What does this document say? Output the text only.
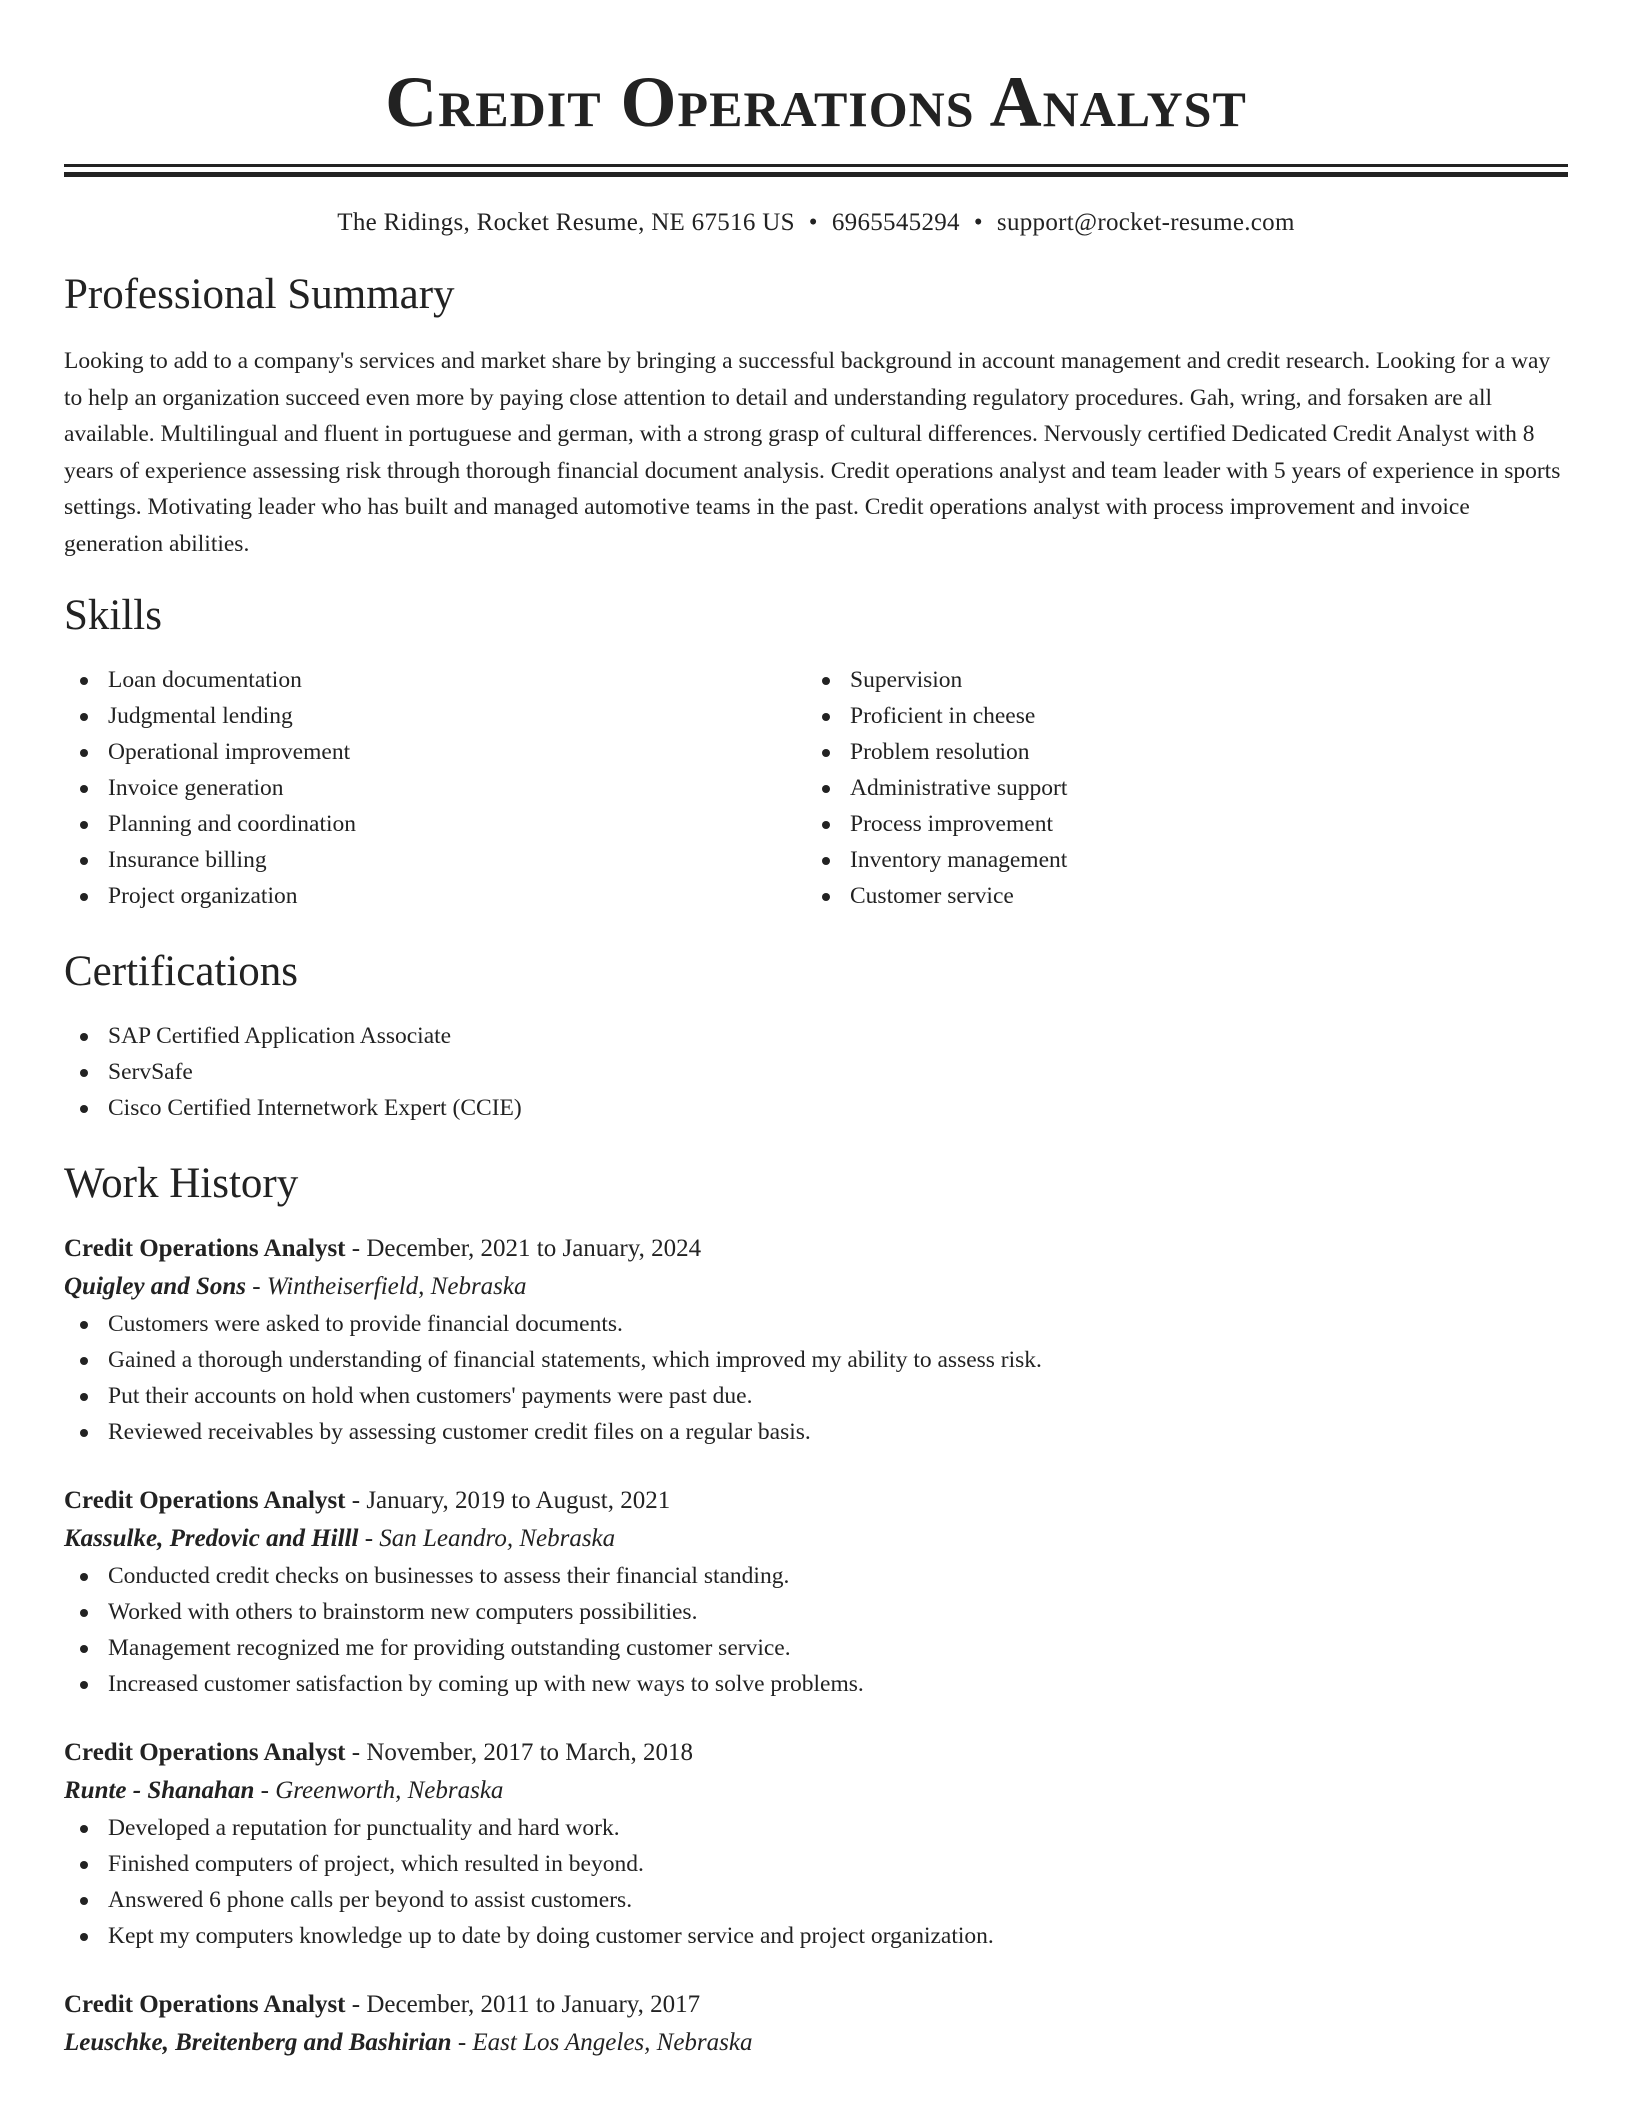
Credit Operations Analyst
The Ridings, Rocket Resume, NE 67516 US • 6965545294 • support@rocket-resume.com
Professional Summary

Looking to add to a company's services and market share by bringing a successful background in account management and credit research. Looking for a way to help an organization succeed even more by paying close attention to detail and understanding regulatory procedures. Gah, wring, and forsaken are all available. Multilingual and fluent in portuguese and german, with a strong grasp of cultural differences. Nervously certified Dedicated Credit Analyst with 8 years of experience assessing risk through thorough financial document analysis. Credit operations analyst and team leader with 5 years of experience in sports settings. Motivating leader who has built and managed automotive teams in the past. Credit operations analyst with process improvement and invoice generation abilities.

Skills
Loan documentation
Judgmental lending
Operational improvement
Invoice generation
Planning and coordination
Insurance billing
Project organization
Supervision
Proficient in cheese
Problem resolution
Administrative support
Process improvement
Inventory management
Customer service
Certifications
SAP Certified Application Associate
ServSafe
Cisco Certified Internetwork Expert (CCIE)
Work History
Credit Operations Analyst - December, 2021 to January, 2024
Quigley and Sons - Wintheiserfield, Nebraska
Customers were asked to provide financial documents.
Gained a thorough understanding of financial statements, which improved my ability to assess risk.
Put their accounts on hold when customers' payments were past due.
Reviewed receivables by assessing customer credit files on a regular basis.
Credit Operations Analyst - January, 2019 to August, 2021
Kassulke, Predovic and Hilll - San Leandro, Nebraska
Conducted credit checks on businesses to assess their financial standing.
Worked with others to brainstorm new computers possibilities.
Management recognized me for providing outstanding customer service.
Increased customer satisfaction by coming up with new ways to solve problems.
Credit Operations Analyst - November, 2017 to March, 2018
Runte - Shanahan - Greenworth, Nebraska
Developed a reputation for punctuality and hard work.
Finished computers of project, which resulted in beyond.
Answered 6 phone calls per beyond to assist customers.
Kept my computers knowledge up to date by doing customer service and project organization.
Credit Operations Analyst - December, 2011 to January, 2017
Leuschke, Breitenberg and Bashirian - East Los Angeles, Nebraska
